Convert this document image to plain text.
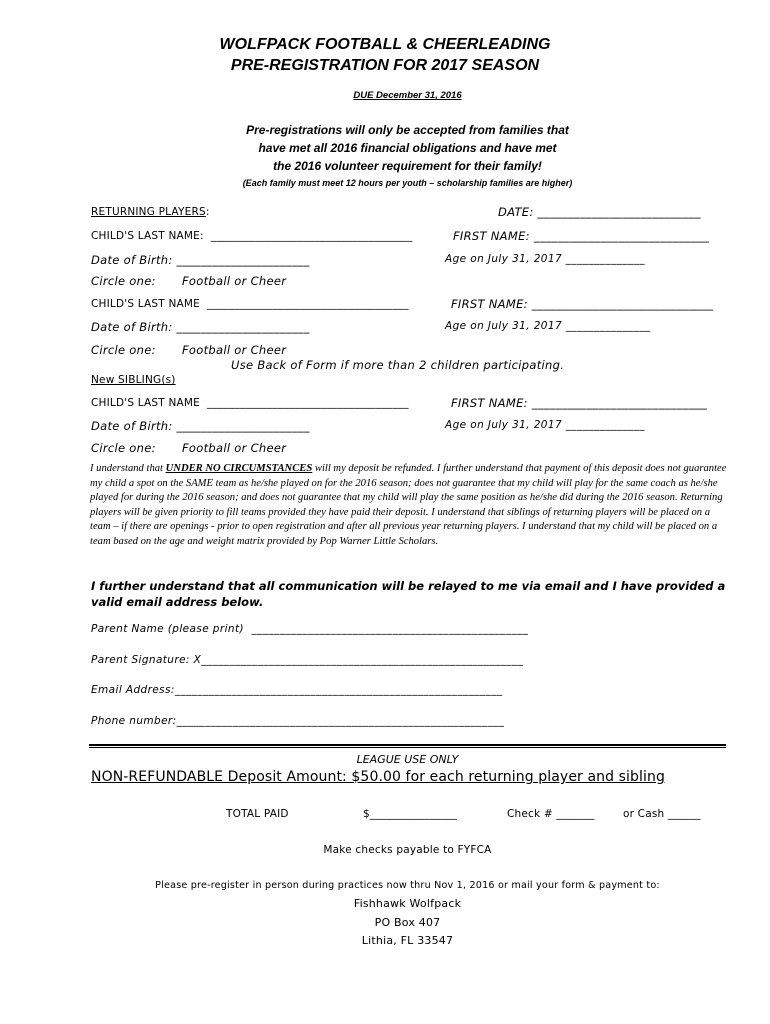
WOLFPACK FOOTBALL & CHEERLEADING
PRE-REGISTRATION FOR 2017 SEASON
DUE December 31, 2016
Pre-registrations will only be accepted from families that
have met all 2016 financial obligations and have met
the 2016 volunteer requirement for their family!
(Each family must meet 12 hours per youth – scholarship families are higher)
RETURNING PLAYERS:	DATE: ___________________________
CHILD'S LAST NAME:  _____________________________________	FIRST NAME: _____________________________
Date of Birth: ______________________	Age on July 31, 2017 ______________
Circle one: Football or Cheer
CHILD'S LAST NAME  _____________________________________	FIRST NAME: ______________________________
Date of Birth: ______________________	Age on July 31, 2017 _______________
Circle one: Football or Cheer
Use Back of Form if more than 2 children participating.
New SIBLING(s)
CHILD'S LAST NAME  _____________________________________	FIRST NAME: _____________________________
Date of Birth: ______________________	Age on July 31, 2017 ______________
Circle one: Football or Cheer
I understand that UNDER NO CIRCUMSTANCES will my deposit be refunded. I further understand that payment of this deposit does not guarantee my child a spot on the SAME team as he/she played on for the 2016 season; does not guarantee that my child will play for the same coach as he/she played for during the 2016 season; and does not guarantee that my child will play the same position as he/she did during the 2016 season. Returning players will be given priority to fill teams provided they have paid their deposit. I understand that siblings of returning players will be placed on a team – if there are openings - prior to open registration and after all previous year returning players. I understand that my child will be placed on a team based on the age and weight matrix provided by Pop Warner Little Scholars.
I further understand that all communication will be relayed to me via email and I have provided a valid email address below.
Parent Name (please print)  _________________________________________________
Parent Signature: X_________________________________________________________
Email Address:__________________________________________________________
Phone number:__________________________________________________________
LEAGUE USE ONLY
NON-REFUNDABLE Deposit Amount: $50.00 for each returning player and sibling
TOTAL PAID	$________________	Check # _______	or Cash ______
Make checks payable to FYFCA
Please pre-register in person during practices now thru Nov 1, 2016 or mail your form & payment to:
Fishhawk Wolfpack
PO Box 407
Lithia, FL 33547
